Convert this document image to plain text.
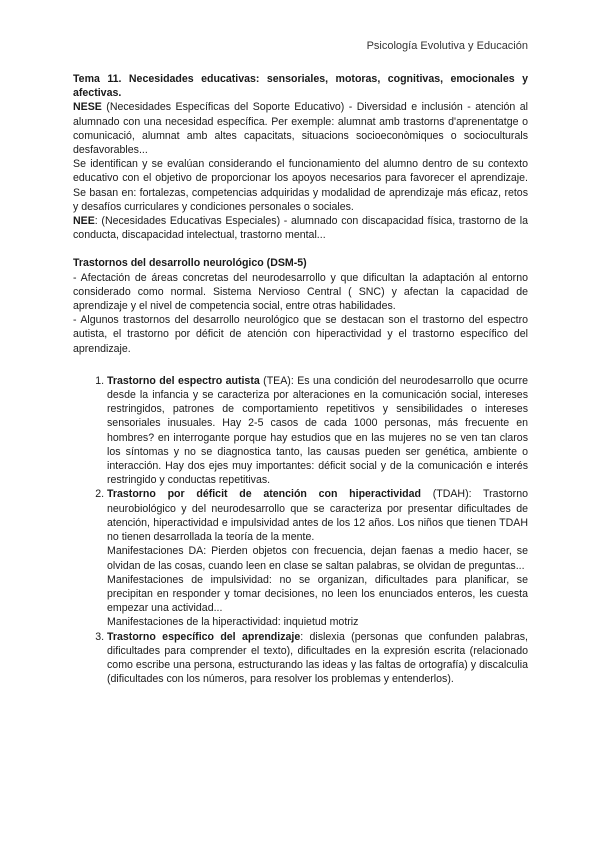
Psicología Evolutiva y Educación

Tema 11. Necesidades educativas: sensoriales, motoras, cognitivas, emocionales y afectivas.

NESE (Necesidades Específicas del Soporte Educativo) - Diversidad e inclusión - atención al alumnado con una necesidad específica. Per exemple: alumnat amb trastorns d'aprenentatge o comunicació, alumnat amb altes capacitats, situacions socioeconòmiques o socioculturals desfavorables...

Se identifican y se evalúan considerando el funcionamiento del alumno dentro de su contexto educativo con el objetivo de proporcionar los apoyos necesarios para favorecer el aprendizaje. Se basan en: fortalezas, competencias adquiridas y modalidad de aprendizaje más eficaz, retos y desafíos curriculares y condiciones personales o sociales.

NEE: (Necesidades Educativas Especiales) - alumnado con discapacidad física, trastorno de la conducta, discapacidad intelectual, trastorno mental...

Trastornos del desarrollo neurológico (DSM-5)

- Afectación de áreas concretas del neurodesarrollo y que dificultan la adaptación al entorno considerado como normal. Sistema Nervioso Central ( SNC) y afectan la capacidad de aprendizaje y el nivel de competencia social, entre otras habilidades.

- Algunos trastornos del desarrollo neurológico que se destacan son el trastorno del espectro autista, el trastorno por déficit de atención con hiperactividad y el trastorno específico del aprendizaje.

1. Trastorno del espectro autista (TEA): Es una condición del neurodesarrollo que ocurre desde la infancia y se caracteriza por alteraciones en la comunicación social, intereses restringidos, patrones de comportamiento repetitivos y sensibilidades o intereses sensoriales inusuales. Hay 2-5 casos de cada 1000 personas, más frecuente en hombres? en interrogante porque hay estudios que en las mujeres no se ven tan claros los síntomas y no se diagnostica tanto, las causas pueden ser genética, ambiente o interacción. Hay dos ejes muy importantes: déficit social y de la comunicación e interés restringido y conductas repetitivas.

2. Trastorno por déficit de atención con hiperactividad (TDAH): Trastorno neurobiológico y del neurodesarrollo que se caracteriza por presentar dificultades de atención, hiperactividad e impulsividad antes de los 12 años. Los niños que tienen TDAH no tienen desarrollada la teoría de la mente.

Manifestaciones DA: Pierden objetos con frecuencia, dejan faenas a medio hacer, se olvidan de las cosas, cuando leen en clase se saltan palabras, se olvidan de preguntas...

Manifestaciones de impulsividad: no se organizan, dificultades para planificar, se precipitan en responder y tomar decisiones, no leen los enunciados enteros, les cuesta empezar una actividad...

Manifestaciones de la hiperactividad: inquietud motriz

3. Trastorno específico del aprendizaje: dislexia (personas que confunden palabras, dificultades para comprender el texto), dificultades en la expresión escrita (relacionado como escribe una persona, estructurando las ideas y las faltas de ortografía) y discalculia (dificultades con los números, para resolver los problemas y entenderlos).
